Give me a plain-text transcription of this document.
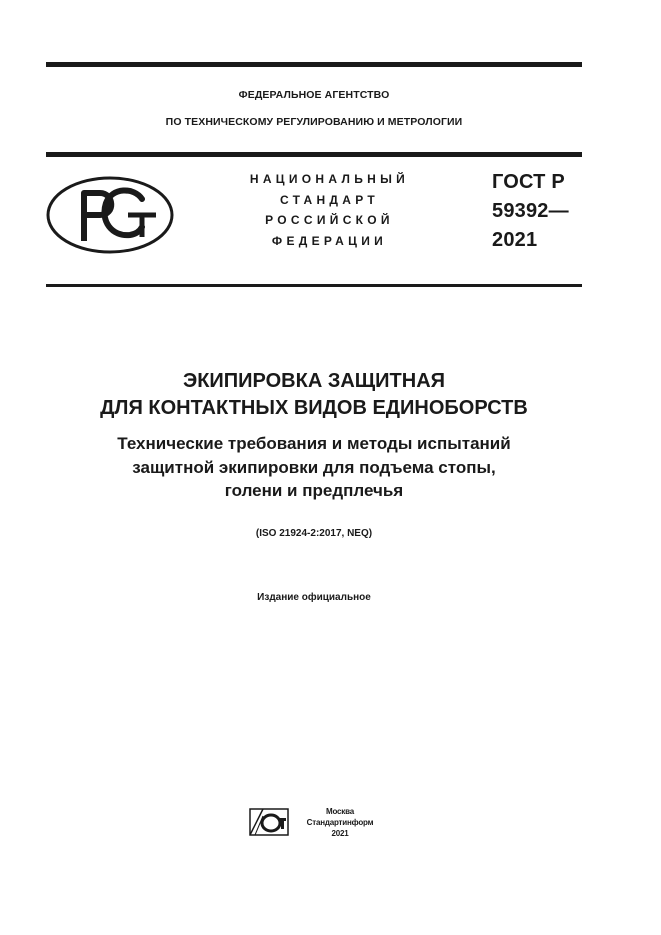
ФЕДЕРАЛЬНОЕ АГЕНТСТВО
ПО ТЕХНИЧЕСКОМУ РЕГУЛИРОВАНИЮ И МЕТРОЛОГИИ
НАЦИОНАЛЬНЫЙ
СТАНДАРТ
РОССИЙСКОЙ
ФЕДЕРАЦИИ
ГОСТ Р
59392—
2021
ЭКИПИРОВКА ЗАЩИТНАЯ
ДЛЯ КОНТАКТНЫХ ВИДОВ ЕДИНОБОРСТВ
Технические требования и методы испытаний
защитной экипировки для подъема стопы,
голени и предплечья
(ISO 21924-2:2017, NEQ)
Издание официальное
Москва
Стандартинформ
2021
